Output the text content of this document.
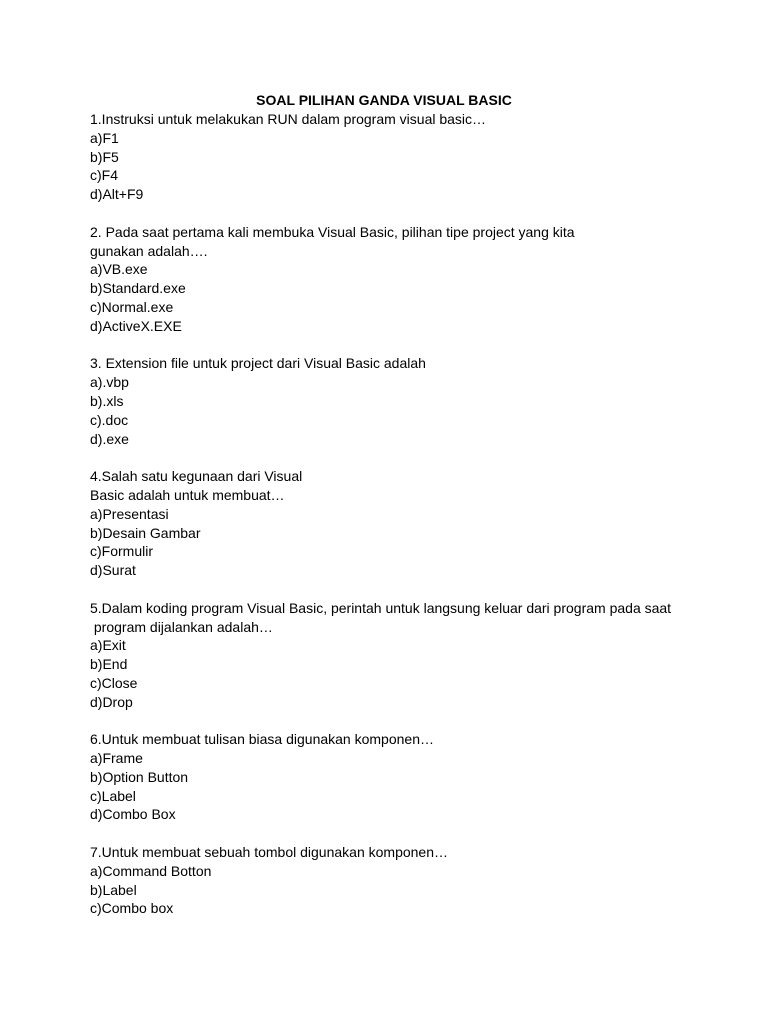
SOAL PILIHAN GANDA VISUAL BASIC
1.Instruksi untuk melakukan RUN dalam program visual basic…
a)F1
b)F5
c)F4
d)Alt+F9
2. Pada saat pertama kali membuka Visual Basic, pilihan tipe project yang kita
gunakan adalah….
a)VB.exe
b)Standard.exe
c)Normal.exe
d)ActiveX.EXE
3. Extension file untuk project dari Visual Basic adalah
a).vbp
b).xls
c).doc
d).exe
4.Salah satu kegunaan dari Visual
Basic adalah untuk membuat…
a)Presentasi
b)Desain Gambar
c)Formulir
d)Surat
5.Dalam koding program Visual Basic, perintah untuk langsung keluar dari program pada saat
program dijalankan adalah…
a)Exit
b)End
c)Close
d)Drop
6.Untuk membuat tulisan biasa digunakan komponen…
a)Frame
b)Option Button
c)Label
d)Combo Box
7.Untuk membuat sebuah tombol digunakan komponen…
a)Command Botton
b)Label
c)Combo box
